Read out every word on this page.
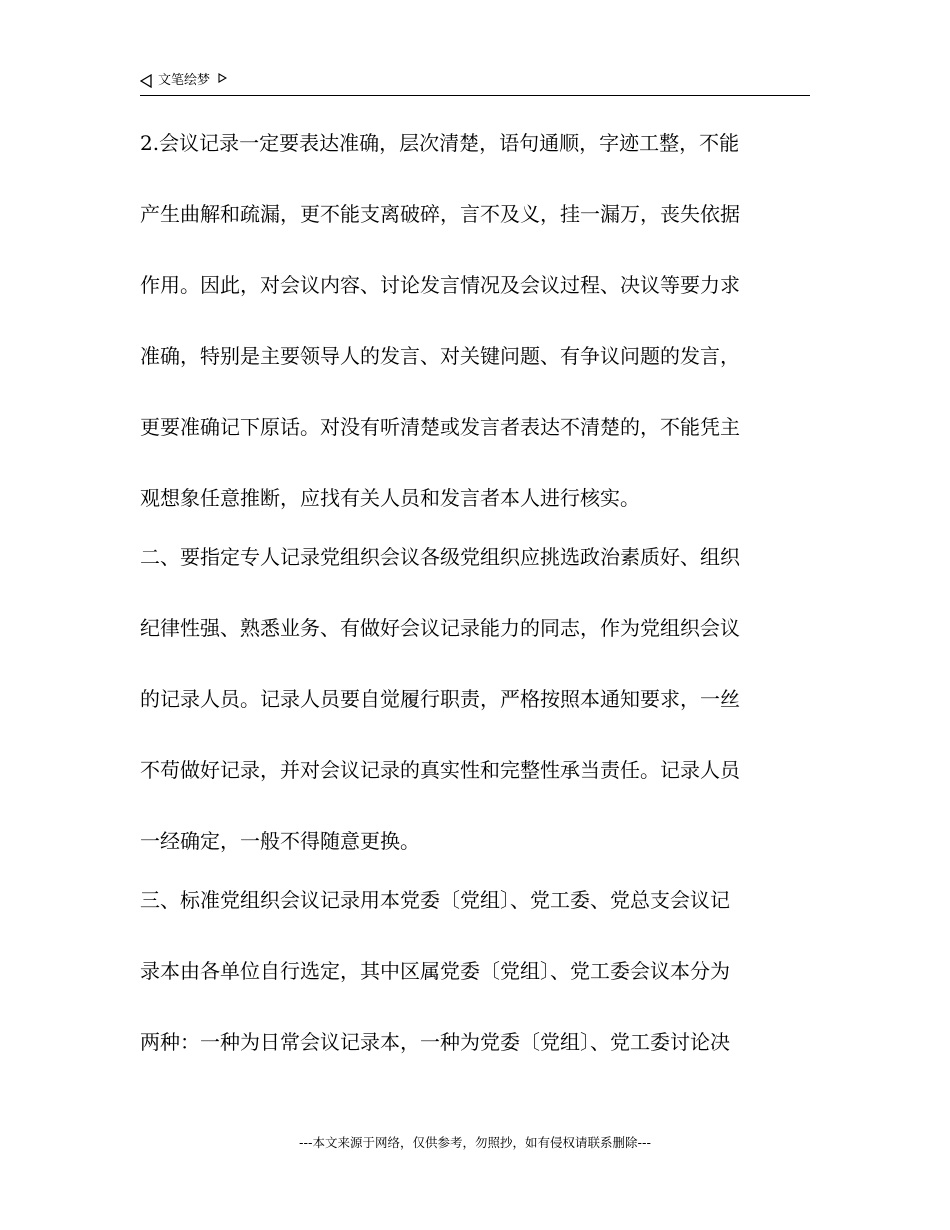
文笔绘梦
2.会议记录一定要表达准确，层次清楚，语句通顺，字迹工整，不能
产生曲解和疏漏，更不能支离破碎，言不及义，挂一漏万，丧失依据
作用。因此，对会议内容、讨论发言情况及会议过程、决议等要力求
准确，特别是主要领导人的发言、对关键问题、有争议问题的发言，
更要准确记下原话。对没有听清楚或发言者表达不清楚的，不能凭主
观想象任意推断，应找有关人员和发言者本人进行核实。
二、要指定专人记录党组织会议各级党组织应挑选政治素质好、组织
纪律性强、熟悉业务、有做好会议记录能力的同志，作为党组织会议
的记录人员。记录人员要自觉履行职责，严格按照本通知要求，一丝
不苟做好记录，并对会议记录的真实性和完整性承当责任。记录人员
一经确定，一般不得随意更换。
三、标准党组织会议记录用本党委〔党组〕、党工委、党总支会议记
录本由各单位自行选定，其中区属党委〔党组〕、党工委会议本分为
两种：一种为日常会议记录本，一种为党委〔党组〕、党工委讨论决
---本文来源于网络，仅供参考，勿照抄，如有侵权请联系删除---
